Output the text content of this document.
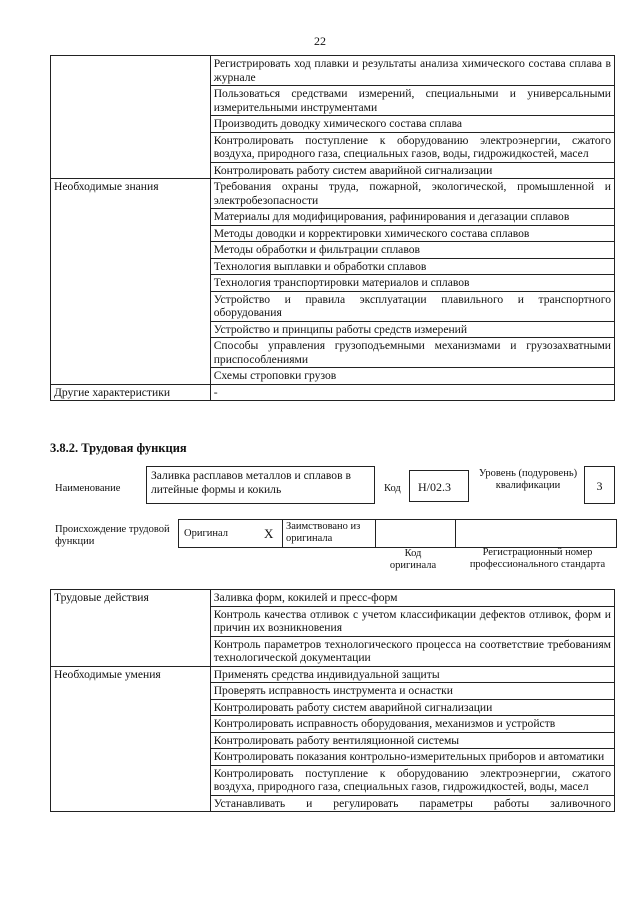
22
	Регистрировать ход плавки и результаты анализа химического состава сплава в журнале
	Пользоваться средствами измерений, специальными и универсальными измерительными инструментами
	Производить доводку химического состава сплава
	Контролировать поступление к оборудованию электроэнергии, сжатого воздуха, природного газа, специальных газов, воды, гидрожидкостей, масел
	Контролировать работу систем аварийной сигнализации
Необходимые знания	Требования охраны труда, пожарной, экологической, промышленной и электробезопасности
	Материалы для модифицирования, рафинирования и дегазации сплавов
	Методы доводки и корректировки химического состава сплавов
	Методы обработки и фильтрации сплавов
	Технология выплавки и обработки сплавов
	Технология транспортировки материалов и сплавов
	Устройство и правила эксплуатации плавильного и транспортного оборудования
	Устройство и принципы работы средств измерений
	Способы управления грузоподъемными механизмами и грузозахватными приспособлениями
	Схемы строповки грузов
Другие характеристики	-
3.8.2. Трудовая функция
Наименование
Заливка расплавов металлов и сплавов в литейные формы и кокиль	Код	Н/02.3
Уровень (подуровень) квалификации	3
Происхождение трудовой функции
Оригинал	X Заимствовано из оригинала
Код оригинала
Регистрационный номер профессионального стандарта
Трудовые действия	Заливка форм, кокилей и пресс-форм
	Контроль качества отливок с учетом классификации дефектов отливок, форм и причин их возникновения
	Контроль параметров технологического процесса на соответствие требованиям технологической документации
Необходимые умения	Применять средства индивидуальной защиты
	Проверять исправность инструмента и оснастки
	Контролировать работу систем аварийной сигнализации
	Контролировать исправность оборудования, механизмов и устройств
	Контролировать работу вентиляционной системы
	Контролировать показания контрольно-измерительных приборов и автоматики
	Контролировать поступление к оборудованию электроэнергии, сжатого воздуха, природного газа, специальных газов, гидрожидкостей, воды, масел
	Устанавливать и регулировать параметры работы заливочного
